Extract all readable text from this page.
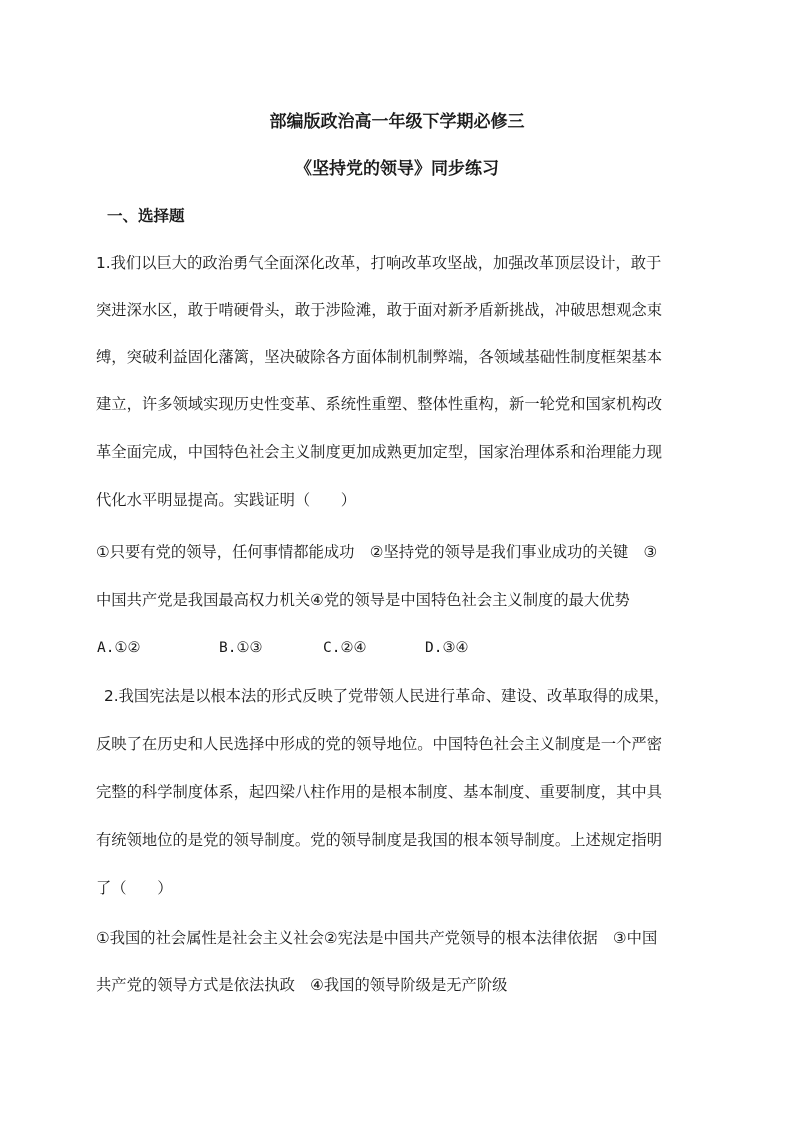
部编版政治高一年级下学期必修三
《坚持党的领导》同步练习
一、选择题
1.我们以巨大的政治勇气全面深化改革，打响改革攻坚战，加强改革顶层设计，敢于
突进深水区，敢于啃硬骨头，敢于涉险滩，敢于面对新矛盾新挑战，冲破思想观念束
缚，突破利益固化藩篱，坚决破除各方面体制机制弊端，各领域基础性制度框架基本
建立，许多领域实现历史性变革、系统性重塑、整体性重构，新一轮党和国家机构改
革全面完成，中国特色社会主义制度更加成熟更加定型，国家治理体系和治理能力现
代化水平明显提高。实践证明（　　）
①只要有党的领导，任何事情都能成功　②坚持党的领导是我们事业成功的关键　③
中国共产党是我国最高权力机关④党的领导是中国特色社会主义制度的最大优势
A.①②	B.①③	C.②④	D.③④
2.我国宪法是以根本法的形式反映了党带领人民进行革命、建设、改革取得的成果，
反映了在历史和人民选择中形成的党的领导地位。中国特色社会主义制度是一个严密
完整的科学制度体系，起四梁八柱作用的是根本制度、基本制度、重要制度，其中具
有统领地位的是党的领导制度。党的领导制度是我国的根本领导制度。上述规定指明
了（　　）
①我国的社会属性是社会主义社会②宪法是中国共产党领导的根本法律依据　③中国
共产党的领导方式是依法执政　④我国的领导阶级是无产阶级
